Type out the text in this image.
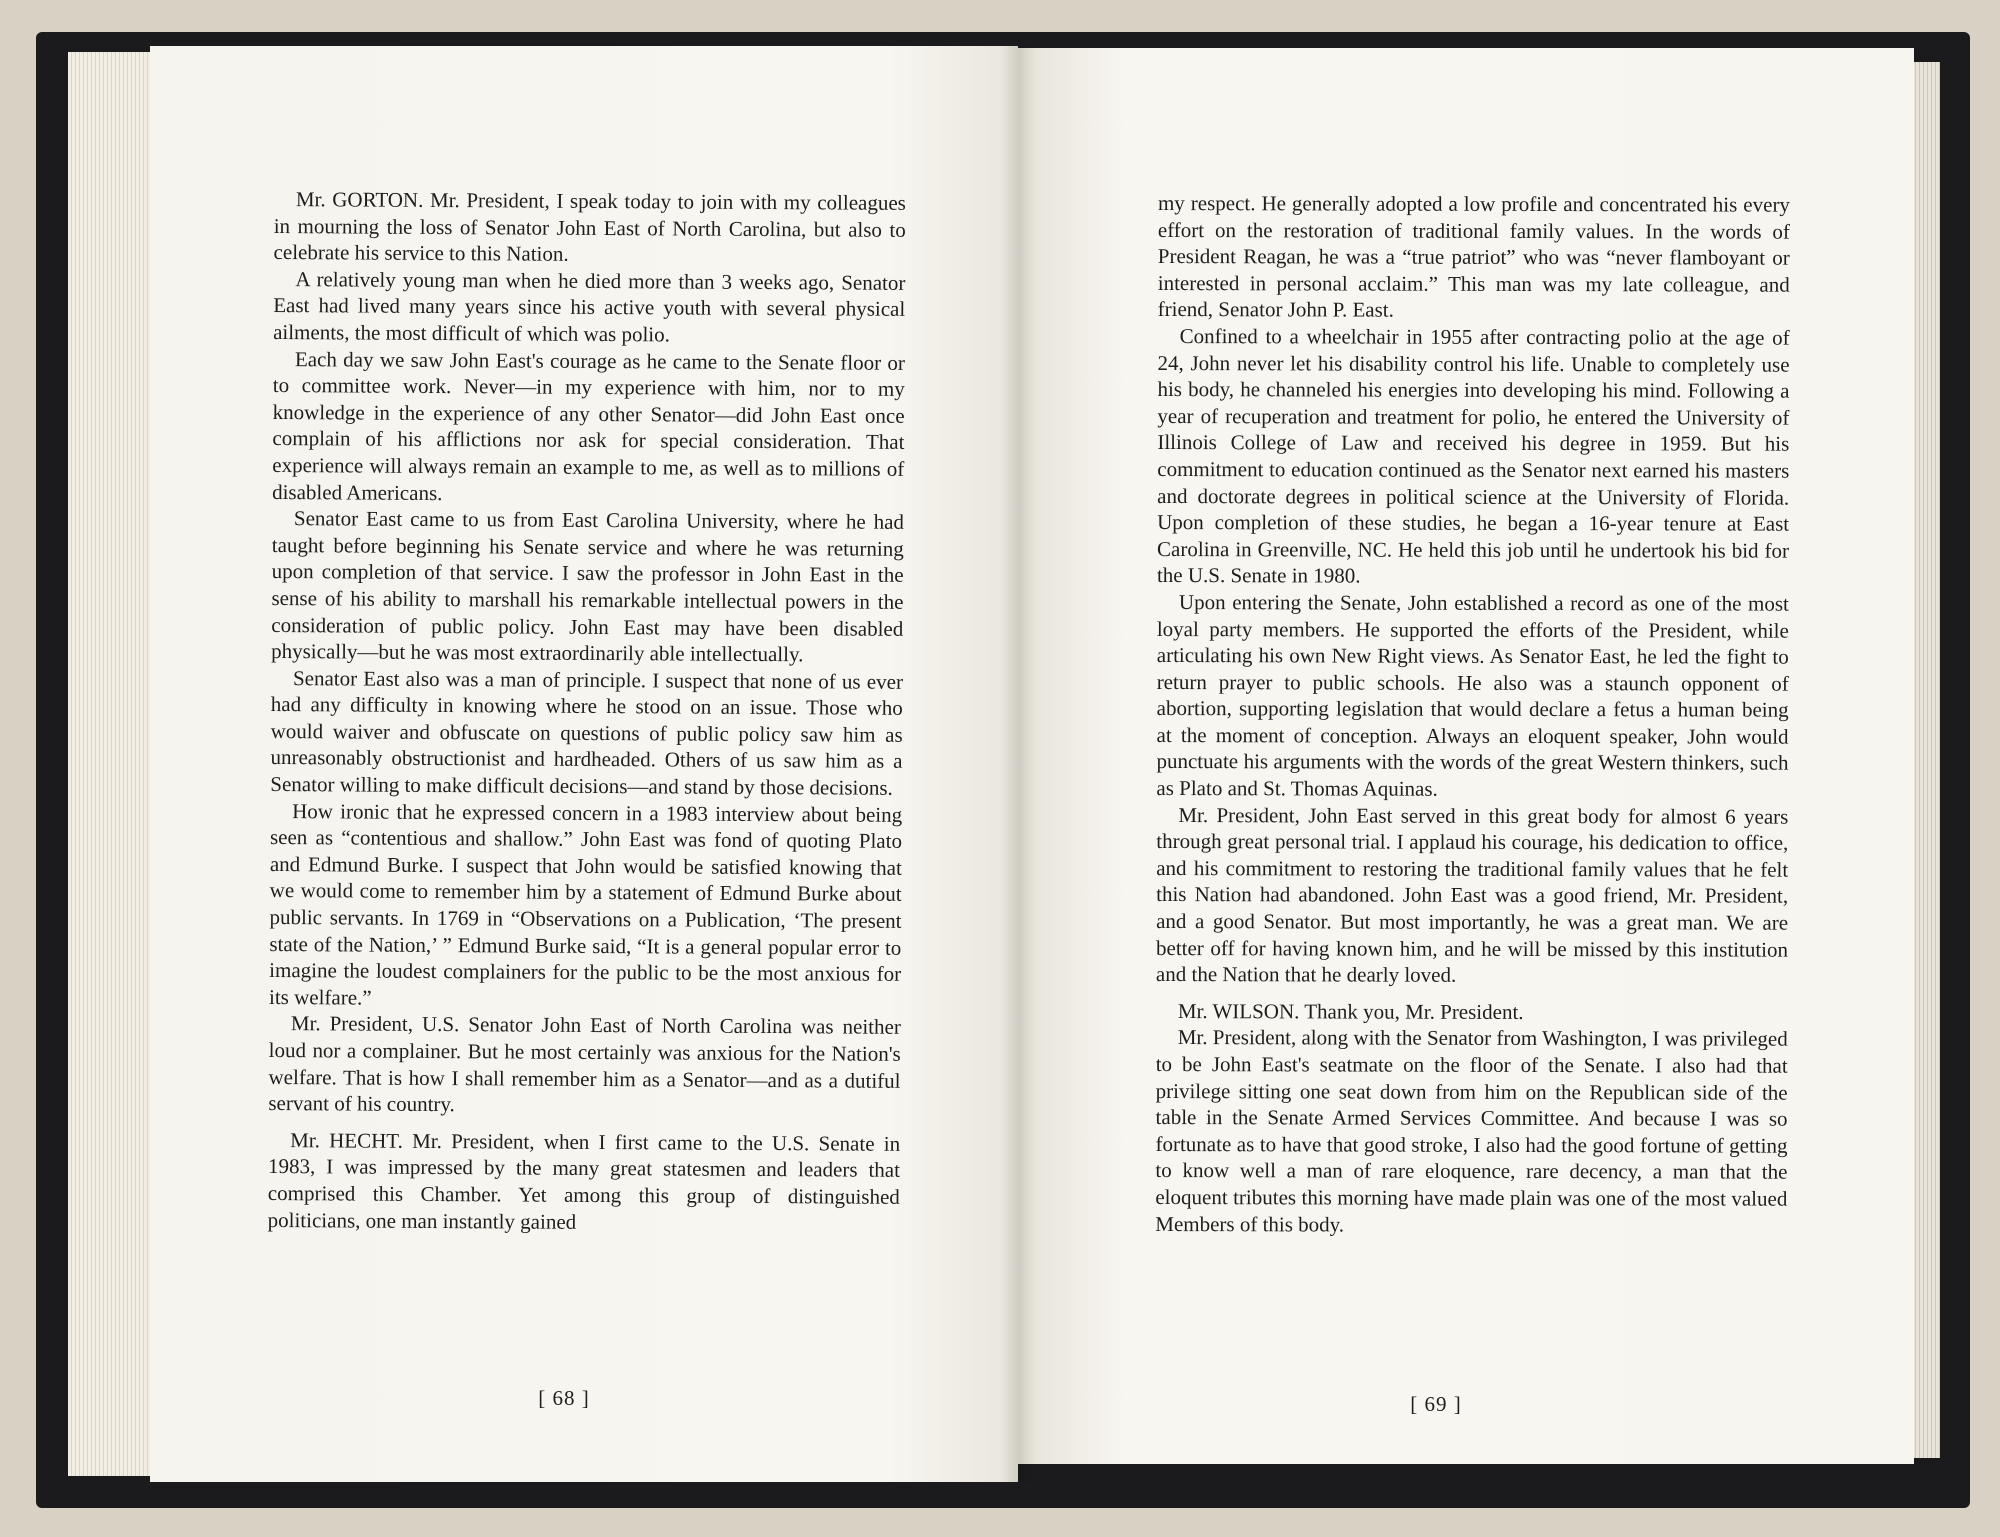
Mr. GORTON. Mr. President, I speak today to join with my colleagues in mourning the loss of Senator John East of North Carolina, but also to celebrate his service to this Nation.

A relatively young man when he died more than 3 weeks ago, Senator East had lived many years since his active youth with several physical ailments, the most difficult of which was polio.

Each day we saw John East's courage as he came to the Senate floor or to committee work. Never—in my experience with him, nor to my knowledge in the experience of any other Senator—did John East once complain of his afflictions nor ask for special consideration. That experience will always remain an example to me, as well as to millions of disabled Americans.

Senator East came to us from East Carolina University, where he had taught before beginning his Senate service and where he was returning upon completion of that service. I saw the professor in John East in the sense of his ability to marshall his remarkable intellectual powers in the consideration of public policy. John East may have been disabled physically—but he was most extraordinarily able intellectually.

Senator East also was a man of principle. I suspect that none of us ever had any difficulty in knowing where he stood on an issue. Those who would waiver and obfuscate on questions of public policy saw him as unreasonably obstructionist and hardheaded. Others of us saw him as a Senator willing to make difficult decisions—and stand by those decisions.

How ironic that he expressed concern in a 1983 interview about being seen as “contentious and shallow.” John East was fond of quoting Plato and Edmund Burke. I suspect that John would be satisfied knowing that we would come to remember him by a statement of Edmund Burke about public servants. In 1769 in “Observations on a Publication, ‘The present state of the Nation,’ ” Edmund Burke said, “It is a general popular error to imagine the loudest complainers for the public to be the most anxious for its welfare.”

Mr. President, U.S. Senator John East of North Carolina was neither loud nor a complainer. But he most certainly was anxious for the Nation's welfare. That is how I shall remember him as a Senator—and as a dutiful servant of his country.

Mr. HECHT. Mr. President, when I first came to the U.S. Senate in 1983, I was impressed by the many great statesmen and leaders that comprised this Chamber. Yet among this group of distinguished politicians, one man instantly gained

[ 68 ]

my respect. He generally adopted a low profile and concentrated his every effort on the restoration of traditional family values. In the words of President Reagan, he was a “true patriot” who was “never flamboyant or interested in personal acclaim.” This man was my late colleague, and friend, Senator John P. East.

Confined to a wheelchair in 1955 after contracting polio at the age of 24, John never let his disability control his life. Unable to completely use his body, he channeled his energies into developing his mind. Following a year of recuperation and treatment for polio, he entered the University of Illinois College of Law and received his degree in 1959. But his commitment to education continued as the Senator next earned his masters and doctorate degrees in political science at the University of Florida. Upon completion of these studies, he began a 16-year tenure at East Carolina in Greenville, NC. He held this job until he undertook his bid for the U.S. Senate in 1980.

Upon entering the Senate, John established a record as one of the most loyal party members. He supported the efforts of the President, while articulating his own New Right views. As Senator East, he led the fight to return prayer to public schools. He also was a staunch opponent of abortion, supporting legislation that would declare a fetus a human being at the moment of conception. Always an eloquent speaker, John would punctuate his arguments with the words of the great Western thinkers, such as Plato and St. Thomas Aquinas.

Mr. President, John East served in this great body for almost 6 years through great personal trial. I applaud his courage, his dedication to office, and his commitment to restoring the traditional family values that he felt this Nation had abandoned. John East was a good friend, Mr. President, and a good Senator. But most importantly, he was a great man. We are better off for having known him, and he will be missed by this institution and the Nation that he dearly loved.

Mr. WILSON. Thank you, Mr. President.

Mr. President, along with the Senator from Washington, I was privileged to be John East's seatmate on the floor of the Senate. I also had that privilege sitting one seat down from him on the Republican side of the table in the Senate Armed Services Committee. And because I was so fortunate as to have that good stroke, I also had the good fortune of getting to know well a man of rare eloquence, rare decency, a man that the eloquent tributes this morning have made plain was one of the most valued Members of this body.

[ 69 ]
